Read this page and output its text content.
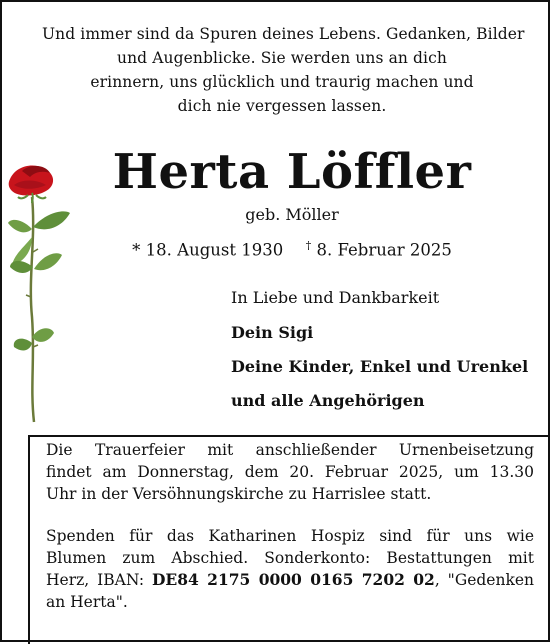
Und immer sind da Spuren deines Lebens. Gedanken, Bilder
und Augenblicke. Sie werden uns an dich
erinnern, uns glücklich und traurig machen und
dich nie vergessen lassen.
Herta Löffler
geb. Möller
* 18. August 1930 † 8. Februar 2025
In Liebe und Dankbarkeit
Dein Sigi
Deine Kinder, Enkel und Urenkel
und alle Angehörigen
Die Trauerfeier mit anschließender Urnenbeisetzung
findet am Donnerstag, dem 20. Februar 2025, um 13.30
Uhr in der Versöhnungskirche zu Harrislee statt.
Spenden für das Katharinen Hospiz sind für uns wie
Blumen zum Abschied. Sonderkonto: Bestattungen mit
Herz, IBAN: DE84 2175 0000 0165 7202 02, "Gedenken
an Herta".
